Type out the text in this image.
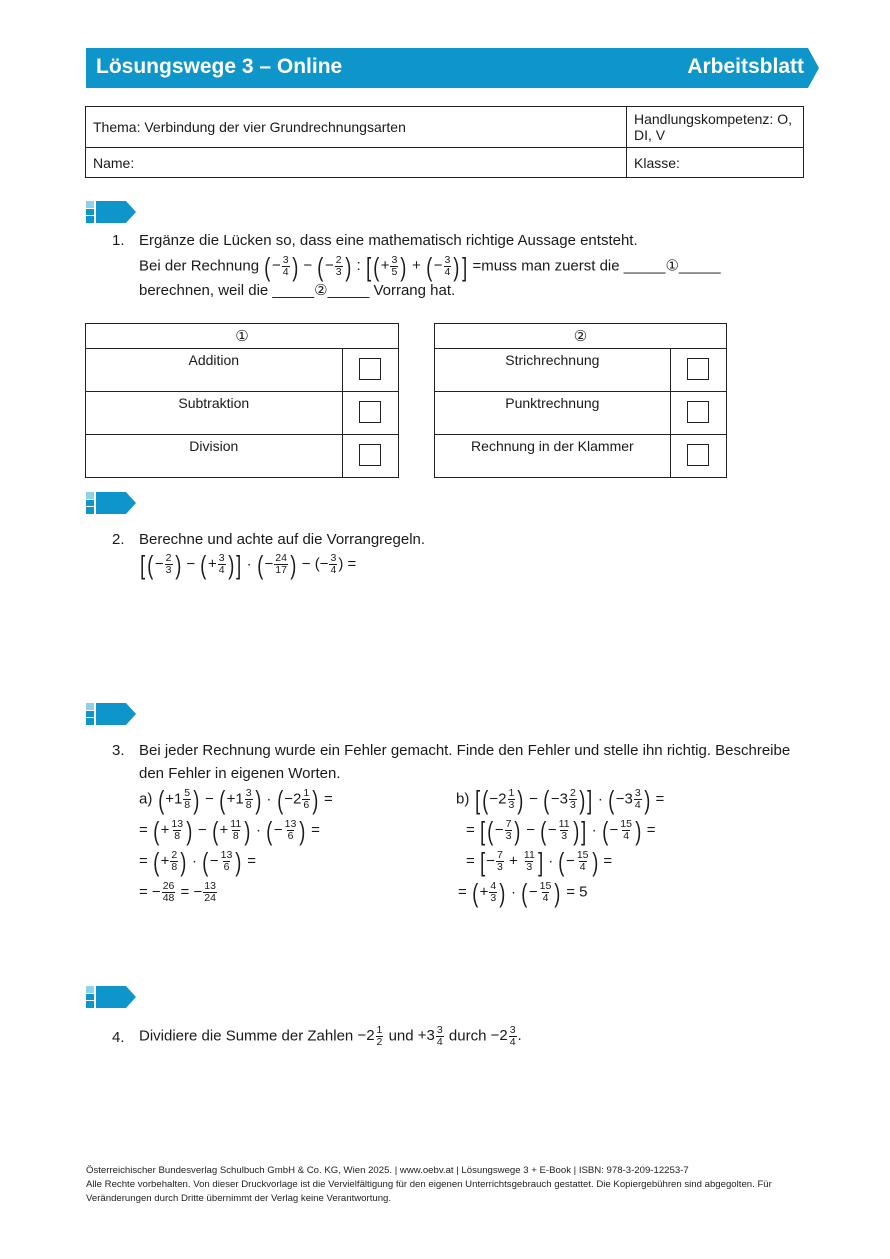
Lösungswege 3 – Online	Arbeitsblatt
Thema: Verbindung der vier Grundrechnungsarten	Handlungskompetenz: O, DI, V
Name:	Klasse:
1. Ergänze die Lücken so, dass eine mathematisch richtige Aussage entsteht.
Bei der Rechnung (− $\frac{3}{4}$ ) − (− $\frac{2}{3}$ ) : [(+ $\frac{3}{5}$ ) + (− $\frac{3}{4}$ )] =muss man zuerst die _____①_____
berechnen, weil die _____②_____ Vorrang hat.
①	
Addition	
Subtraktion	
Division	
②	
Strichrechnung	
Punktrechnung	
Rechnung in der Klammer	
2. Berechne und achte auf die Vorrangregeln.
[(− $\frac{2}{3}$ ) − (+ $\frac{3}{4}$ )] · (− $\frac{24}{17}$ ) − (− $\frac{3}{4}$ ) =
3. Bei jeder Rechnung wurde ein Fehler gemacht. Finde den Fehler und stelle ihn richtig. Beschreibe
den Fehler in eigenen Worten.
a) ($+1 \frac{5}{8}$ ) − ($+1 \frac{3}{8}$ ) · ($-2 \frac{1}{6}$ ) =
= (+ $\frac{13}{8}$ ) − (+ $\frac{11}{8}$ ) · (− $\frac{13}{6}$ ) =
= (+ $\frac{2}{8}$ ) · (− $\frac{13}{6}$ ) =
= − $\frac{26}{48}$ = − $\frac{13}{24}$
b) [($-2 \frac{1}{3}$ ) − ($-3 \frac{2}{3}$ )] · ($-3 \frac{3}{4}$ ) =
= [(− $\frac{7}{3}$ ) − (− $\frac{11}{3}$ )] · (− $\frac{15}{4}$ ) =
= [− $\frac{7}{3} + \frac{11}{3}$ ] · (− $\frac{15}{4}$ ) =
= (+ $\frac{4}{3}$ ) · (− $\frac{15}{4}$ ) = 5
4. Dividiere die Summe der Zahlen $-2 \frac{1}{2}$ und $+3 \frac{3}{4}$ durch $-2 \frac{3}{4}$ .
Österreichischer Bundesverlag Schulbuch GmbH & Co. KG, Wien 2025. | www.oebv.at | Lösungswege 3 + E-Book | ISBN: 978-3-209-12253-7
Alle Rechte vorbehalten. Von dieser Druckvorlage ist die Vervielfältigung für den eigenen Unterrichtsgebrauch gestattet. Die Kopiergebühren sind abgegolten. Für
Veränderungen durch Dritte übernimmt der Verlag keine Verantwortung.
